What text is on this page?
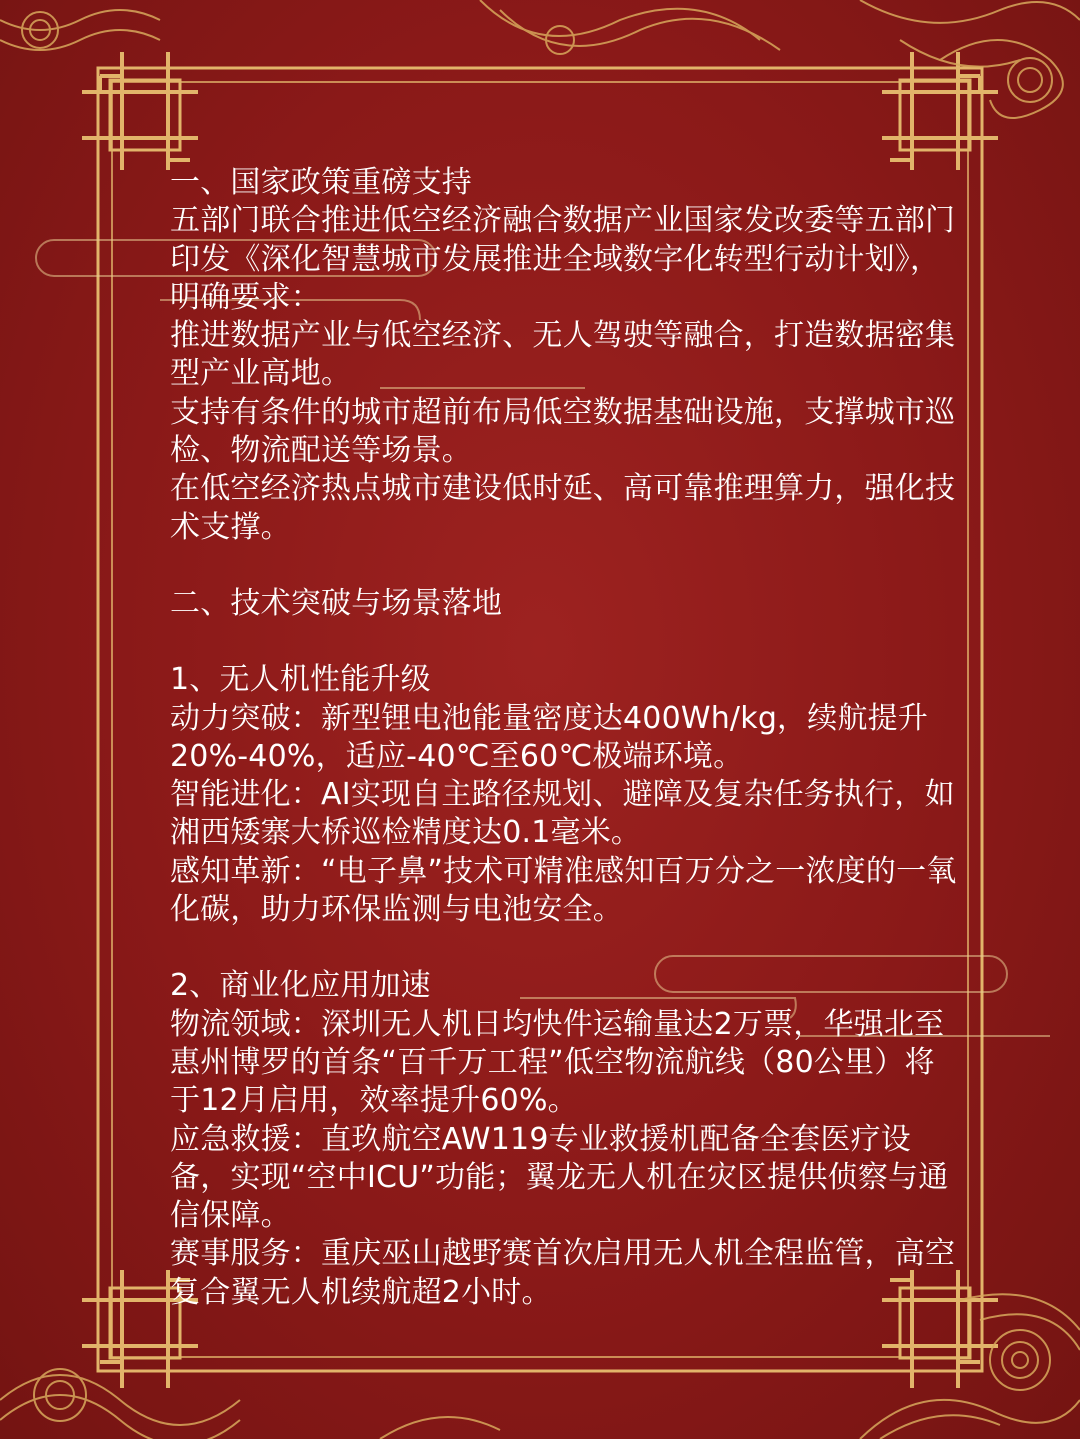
一、国家政策重磅支持

五部门联合推进低空经济融合数据产业国家发改委等五部门印发《深化智慧城市发展推进全域数字化转型行动计划》，明确要求：

推进数据产业与低空经济、无人驾驶等融合，打造数据密集型产业高地。

支持有条件的城市超前布局低空数据基础设施，支撑城市巡检、物流配送等场景。

在低空经济热点城市建设低时延、高可靠推理算力，强化技术支撑。

二、技术突破与场景落地

1、无人机性能升级

动力突破：新型锂电池能量密度达400Wh/kg，续航提升20%-40%，适应-40℃至60℃极端环境。

智能进化：AI实现自主路径规划、避障及复杂任务执行，如湘西矮寨大桥巡检精度达0.1毫米。

感知革新：“电子鼻”技术可精准感知百万分之一浓度的一氧化碳，助力环保监测与电池安全。

2、商业化应用加速

物流领域：深圳无人机日均快件运输量达2万票，华强北至惠州博罗的首条“百千万工程”低空物流航线（80公里）将于12月启用，效率提升60%。

应急救援：直玖航空AW119专业救援机配备全套医疗设备，实现“空中ICU”功能；翼龙无人机在灾区提供侦察与通信保障。

赛事服务：重庆巫山越野赛首次启用无人机全程监管，高空复合翼无人机续航超2小时。
